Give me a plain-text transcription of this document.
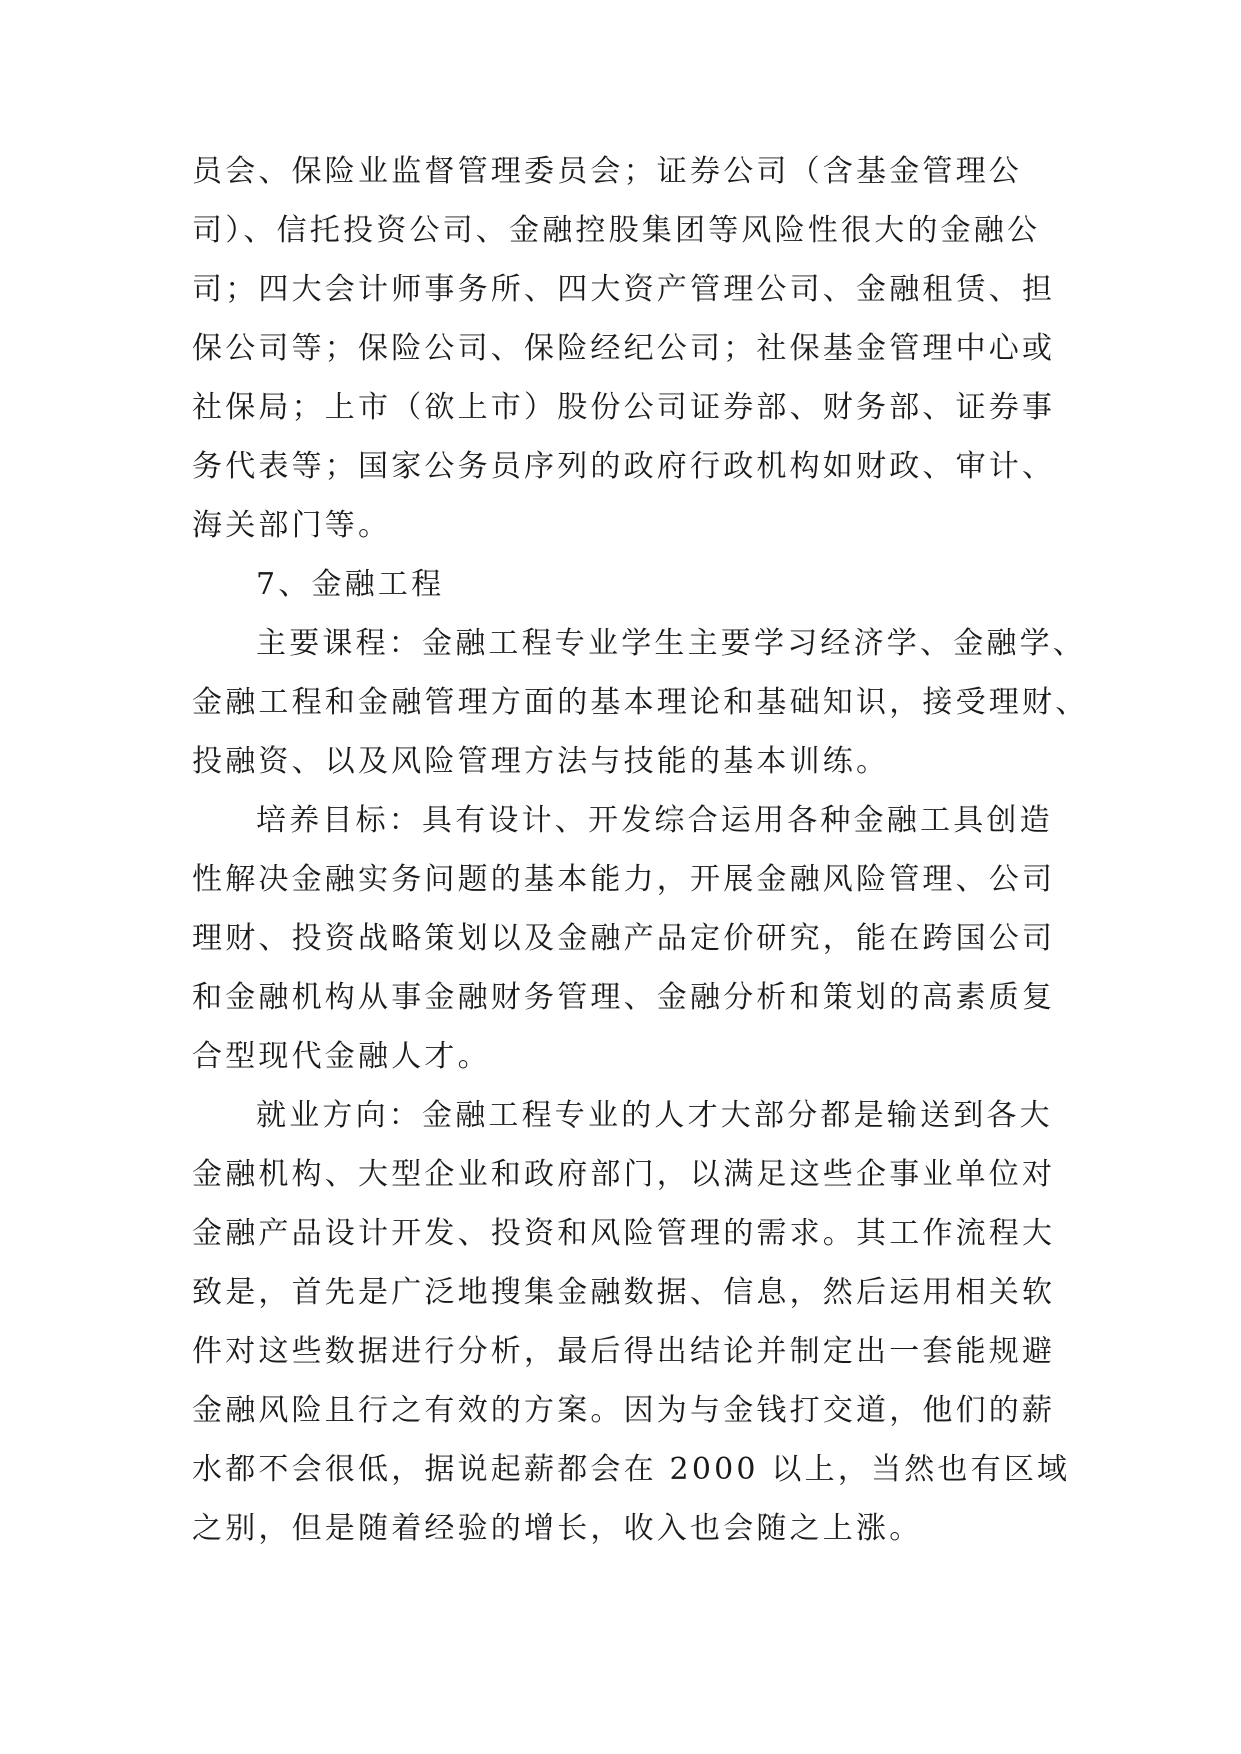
员会、保险业监督管理委员会；证券公司（含基金管理公
司）、信托投资公司、金融控股集团等风险性很大的金融公
司；四大会计师事务所、四大资产管理公司、金融租赁、担
保公司等；保险公司、保险经纪公司；社保基金管理中心或
社保局；上市（欲上市）股份公司证券部、财务部、证券事
务代表等；国家公务员序列的政府行政机构如财政、审计、
海关部门等。
7、金融工程
主要课程：金融工程专业学生主要学习经济学、金融学、
金融工程和金融管理方面的基本理论和基础知识，接受理财、
投融资、以及风险管理方法与技能的基本训练。
培养目标：具有设计、开发综合运用各种金融工具创造
性解决金融实务问题的基本能力，开展金融风险管理、公司
理财、投资战略策划以及金融产品定价研究，能在跨国公司
和金融机构从事金融财务管理、金融分析和策划的高素质复
合型现代金融人才。
就业方向：金融工程专业的人才大部分都是输送到各大
金融机构、大型企业和政府部门，以满足这些企事业单位对
金融产品设计开发、投资和风险管理的需求。其工作流程大
致是，首先是广泛地搜集金融数据、信息，然后运用相关软
件对这些数据进行分析，最后得出结论并制定出一套能规避
金融风险且行之有效的方案。因为与金钱打交道，他们的薪
水都不会很低，据说起薪都会在 2000 以上，当然也有区域
之别，但是随着经验的增长，收入也会随之上涨。
